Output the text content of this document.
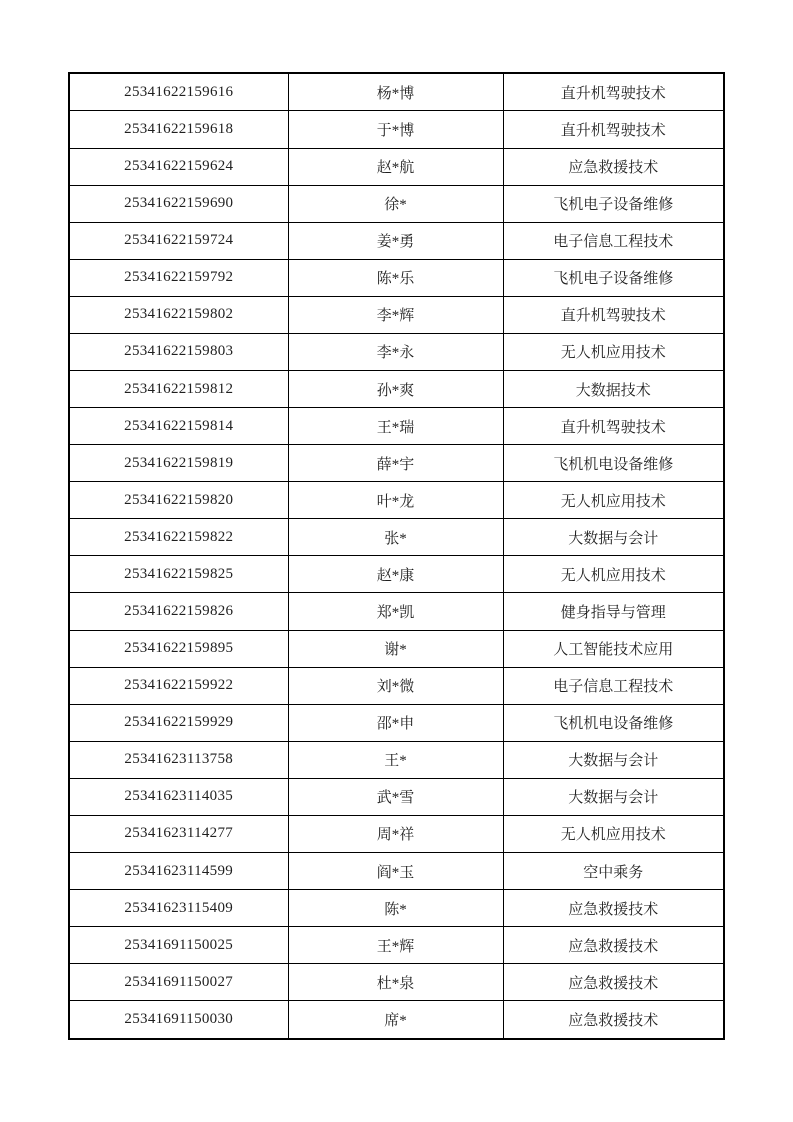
25341622159616	杨*博	直升机驾驶技术
25341622159618	于*博	直升机驾驶技术
25341622159624	赵*航	应急救援技术
25341622159690	徐*	飞机电子设备维修
25341622159724	姜*勇	电子信息工程技术
25341622159792	陈*乐	飞机电子设备维修
25341622159802	李*辉	直升机驾驶技术
25341622159803	李*永	无人机应用技术
25341622159812	孙*爽	大数据技术
25341622159814	王*瑞	直升机驾驶技术
25341622159819	薛*宇	飞机机电设备维修
25341622159820	叶*龙	无人机应用技术
25341622159822	张*	大数据与会计
25341622159825	赵*康	无人机应用技术
25341622159826	郑*凯	健身指导与管理
25341622159895	谢*	人工智能技术应用
25341622159922	刘*微	电子信息工程技术
25341622159929	邵*申	飞机机电设备维修
25341623113758	王*	大数据与会计
25341623114035	武*雪	大数据与会计
25341623114277	周*祥	无人机应用技术
25341623114599	阎*玉	空中乘务
25341623115409	陈*	应急救援技术
25341691150025	王*辉	应急救援技术
25341691150027	杜*泉	应急救援技术
25341691150030	席*	应急救援技术
